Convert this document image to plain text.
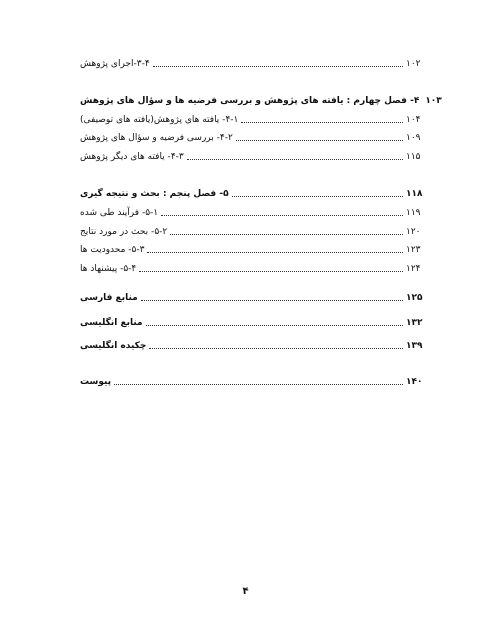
۳-۴-اجرای پژوهش	۱۰۲
۴- فصل چهارم : یافته های پژوهش و بررسی فرضیه ها و سؤال های پژوهش ۱۰۳
۴-۱- یافته های پژوهش(یافته های توصیفی)	۱۰۴
۴-۲- بررسی فرضیه و سؤال های پژوهش	۱۰۹
۴-۳- یافته های دیگر پژوهش	۱۱۵
۵- فصل پنجم : بحث و نتیجه گیری	۱۱۸
۵-۱- فرآیند طی شده	۱۱۹
۵-۲- بحث در مورد نتایج	۱۲۰
۵-۳- محدودیت ها	۱۲۳
۵-۴- پیشنهاد ها	۱۲۴
منابع فارسی	۱۲۵
منابع انگلیسی	۱۳۲
چکیده انگلیسی	۱۳۹
پیوست	۱۴۰
۴
